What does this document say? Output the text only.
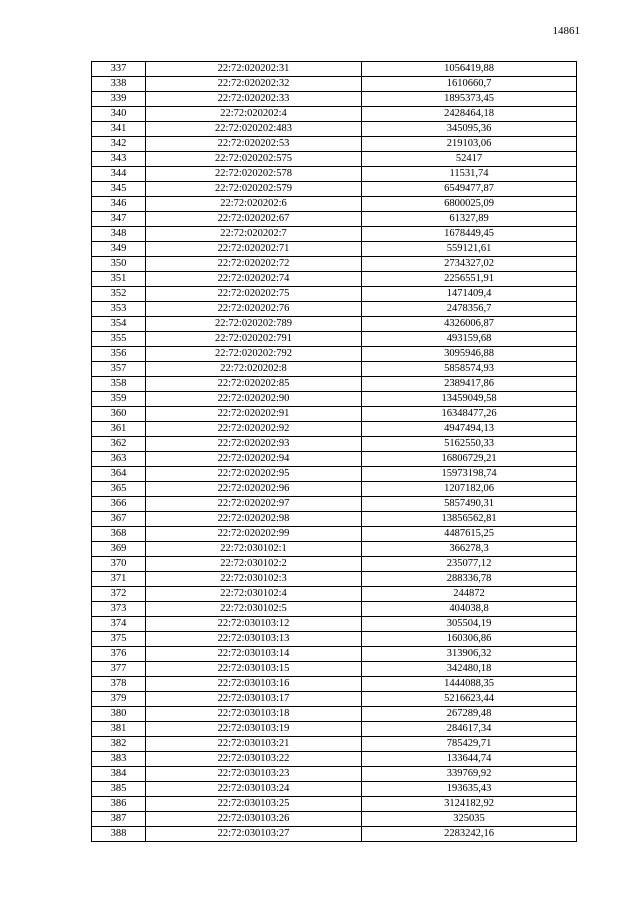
14861
337	22:72:020202:31	1056419,88
338	22:72:020202:32	1610660,7
339	22:72:020202:33	1895373,45
340	22:72:020202:4	2428464,18
341	22:72:020202:483	345095,36
342	22:72:020202:53	219103,06
343	22:72:020202:575	52417
344	22:72:020202:578	11531,74
345	22:72:020202:579	6549477,87
346	22:72:020202:6	6800025,09
347	22:72:020202:67	61327,89
348	22:72:020202:7	1678449,45
349	22:72:020202:71	559121,61
350	22:72:020202:72	2734327,02
351	22:72:020202:74	2256551,91
352	22:72:020202:75	1471409,4
353	22:72:020202:76	2478356,7
354	22:72:020202:789	4326006,87
355	22:72:020202:791	493159,68
356	22:72:020202:792	3095946,88
357	22:72:020202:8	5858574,93
358	22:72:020202:85	2389417,86
359	22:72:020202:90	13459049,58
360	22:72:020202:91	16348477,26
361	22:72:020202:92	4947494,13
362	22:72:020202:93	5162550,33
363	22:72:020202:94	16806729,21
364	22:72:020202:95	15973198,74
365	22:72:020202:96	1207182,06
366	22:72:020202:97	5857490,31
367	22:72:020202:98	13856562,81
368	22:72:020202:99	4487615,25
369	22:72:030102:1	366278,3
370	22:72:030102:2	235077,12
371	22:72:030102:3	288336,78
372	22:72:030102:4	244872
373	22:72:030102:5	404038,8
374	22:72:030103:12	305504,19
375	22:72:030103:13	160306,86
376	22:72:030103:14	313906,32
377	22:72:030103:15	342480,18
378	22:72:030103:16	1444088,35
379	22:72:030103:17	5216623,44
380	22:72:030103:18	267289,48
381	22:72:030103:19	284617,34
382	22:72:030103:21	785429,71
383	22:72:030103:22	133644,74
384	22:72:030103:23	339769,92
385	22:72:030103:24	193635,43
386	22:72:030103:25	3124182,92
387	22:72:030103:26	325035
388	22:72:030103:27	2283242,16
